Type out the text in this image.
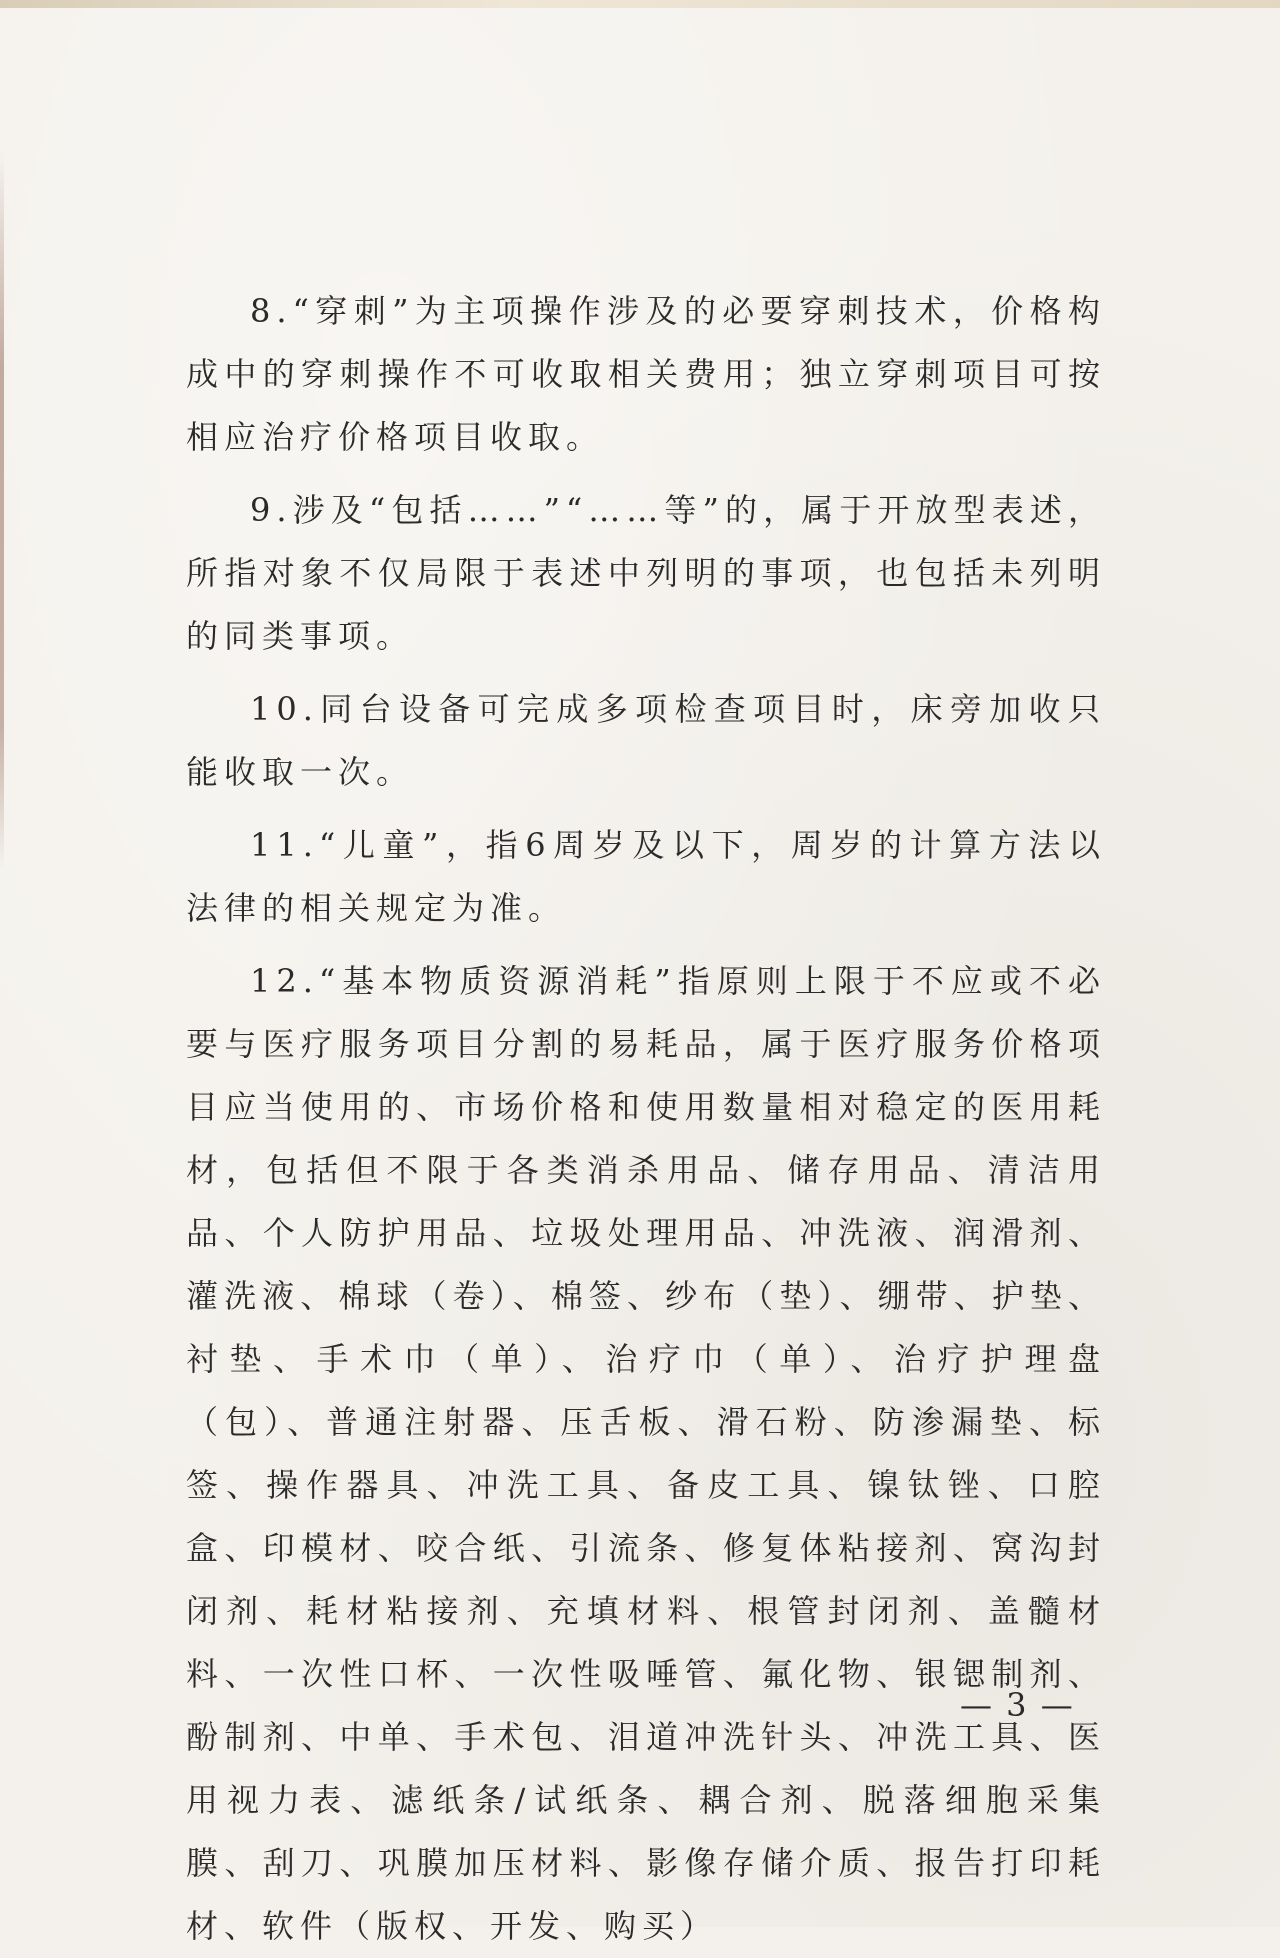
8.“穿刺”为主项操作涉及的必要穿刺技术，价格构成中的穿刺操作不可收取相关费用；独立穿刺项目可按相应治疗价格项目收取。

9.涉及“包括……”“……等”的，属于开放型表述，所指对象不仅局限于表述中列明的事项，也包括未列明的同类事项。

10.同台设备可完成多项检查项目时，床旁加收只能收取一次。

11.“儿童”，指6周岁及以下，周岁的计算方法以法律的相关规定为准。

12.“基本物质资源消耗”指原则上限于不应或不必要与医疗服务项目分割的易耗品，属于医疗服务价格项目应当使用的、市场价格和使用数量相对稳定的医用耗材，包括但不限于各类消杀用品、储存用品、清洁用品、个人防护用品、垃圾处理用品、冲洗液、润滑剂、灌洗液、棉球（卷）、棉签、纱布（垫）、绷带、护垫、衬垫、手术巾（单）、治疗巾（单）、治疗护理盘（包）、普通注射器、压舌板、滑石粉、防渗漏垫、标签、操作器具、冲洗工具、备皮工具、镍钛锉、口腔盒、印模材、咬合纸、引流条、修复体粘接剂、窝沟封闭剂、耗材粘接剂、充填材料、根管封闭剂、盖髓材料、一次性口杯、一次性吸唾管、氟化物、银锶制剂、酚制剂、中单、手术包、泪道冲洗针头、冲洗工具、医用视力表、滤纸条/试纸条、耦合剂、脱落细胞采集膜、刮刀、巩膜加压材料、影像存储介质、报告打印耗材、软件（版权、开发、购买）

— 3 —
